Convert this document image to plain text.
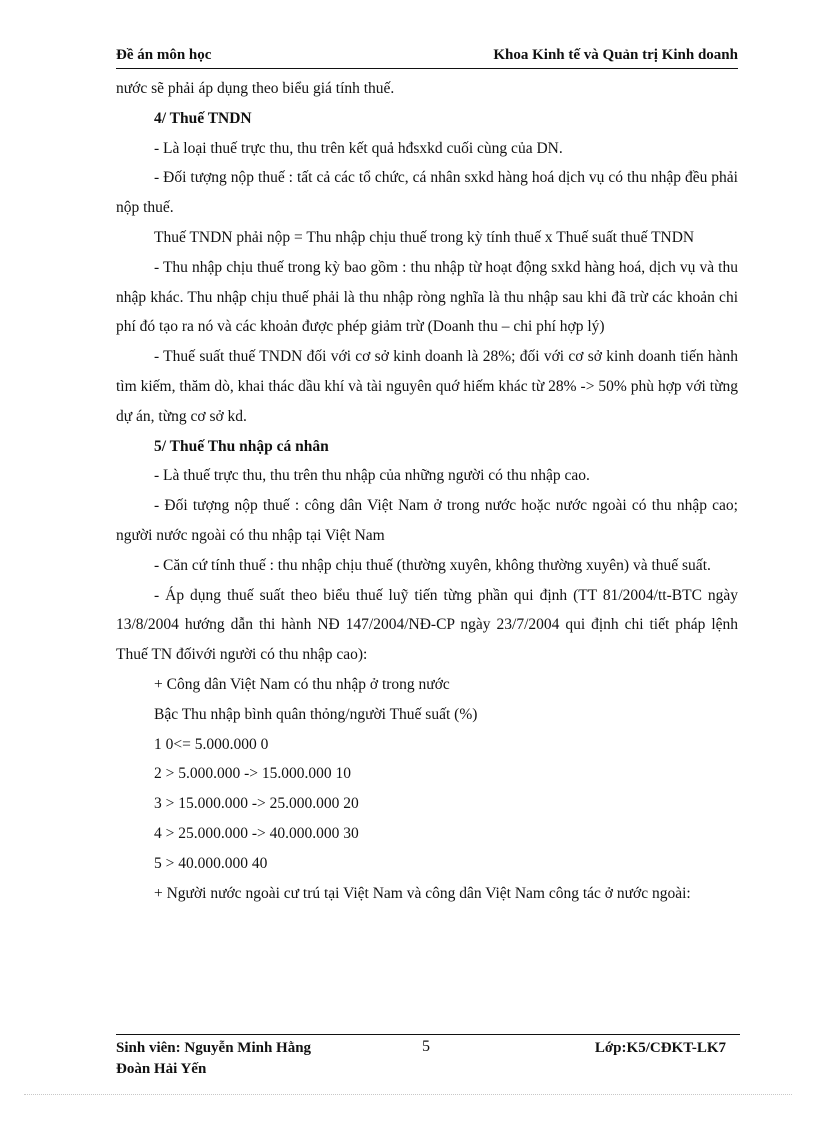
Đề án môn học	Khoa Kinh tế và Quản trị Kinh doanh

nước sẽ phải áp dụng theo biểu giá tính thuế.

4/ Thuế TNDN

- Là loại thuế trực thu, thu trên kết quả hđsxkd cuối cùng của DN.

- Đối tượng nộp thuế : tất cả các tổ chức, cá nhân sxkd hàng hoá dịch vụ có thu nhập đều phải nộp thuế.

Thuế TNDN phải nộp = Thu nhập chịu thuế trong kỳ tính thuế x Thuế suất thuế TNDN

- Thu nhập chịu thuế trong kỳ bao gồm : thu nhập từ hoạt động sxkd hàng hoá, dịch vụ và thu nhập khác. Thu nhập chịu thuế phải là thu nhập ròng nghĩa là thu nhập sau khi đã trừ các khoản chi phí đó tạo ra nó và các khoản được phép giảm trừ (Doanh thu – chi phí hợp lý)

- Thuế suất thuế TNDN đối với cơ sở kinh doanh là 28%; đối với cơ sở kinh doanh tiến hành tìm kiếm, thăm dò, khai thác dầu khí và tài nguyên quớ hiếm khác từ 28% -> 50% phù hợp với từng dự án, từng cơ sở kd.

5/ Thuế Thu nhập cá nhân

- Là thuế trực thu, thu trên thu nhập của những người có thu nhập cao.

- Đối tượng nộp thuế : công dân Việt Nam ở trong nước hoặc nước ngoài có thu nhập cao; người nước ngoài có thu nhập tại Việt Nam

- Căn cứ tính thuế : thu nhập chịu thuế (thường xuyên, không thường xuyên) và thuế suất.

- Áp dụng thuế suất theo biểu thuế luỹ tiến từng phần qui định (TT 81/2004/tt-BTC ngày 13/8/2004 hướng dẫn thi hành NĐ 147/2004/NĐ-CP ngày 23/7/2004 qui định chi tiết pháp lệnh Thuế TN đốivới người có thu nhập cao):

+ Công dân Việt Nam có thu nhập ở trong nước

Bậc Thu nhập bình quân thỏng/người Thuế suất (%)

1 0<= 5.000.000 0

2 > 5.000.000 -> 15.000.000 10

3 > 15.000.000 -> 25.000.000 20

4 > 25.000.000 -> 40.000.000 30

5 > 40.000.000 40

+ Người nước ngoài cư trú tại Việt Nam và công dân Việt Nam công tác ở nước ngoài:

Sinh viên: Nguyễn Minh Hằng
Đoàn Hải Yến
5	Lớp:K5/CĐKT-LK7
